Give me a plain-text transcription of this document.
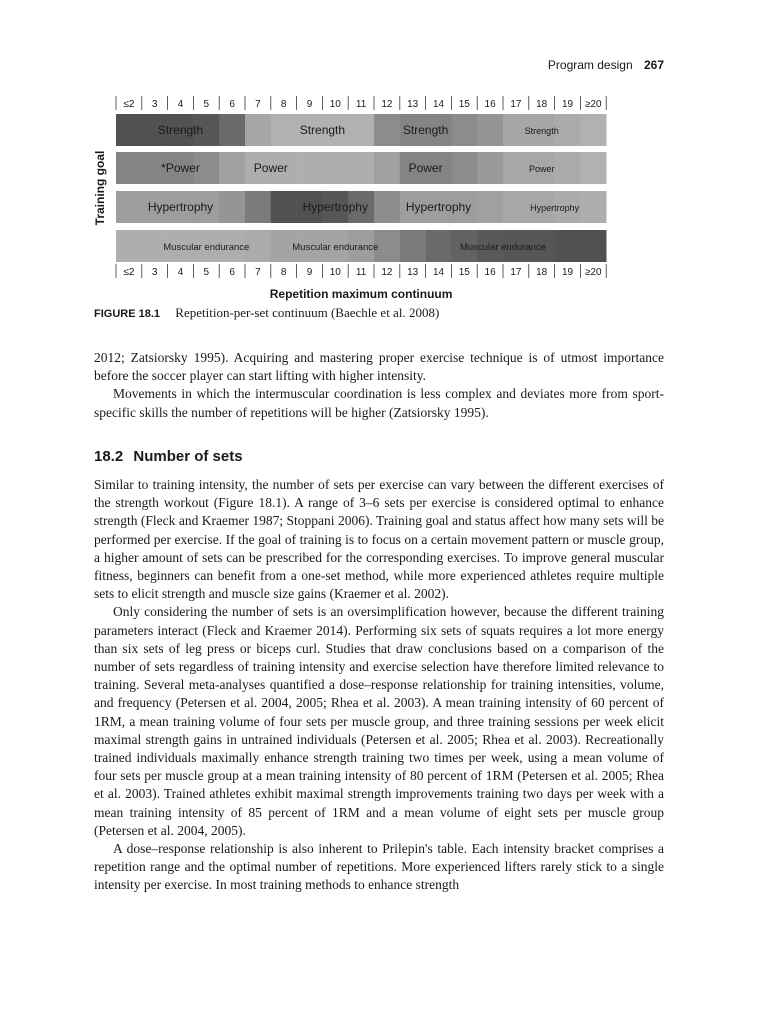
Program design 267
≤2 3 4 5 6 7 8 9 10 11 12 13 14 15 16 17 18 19 ≥20
≤2 3 4 5 6 7 8 9 10 11 12 13 14 15 16 17 18 19 ≥20
Strength	Strength	Strength	Strength
*Power	Power	Power	Power
Hypertrophy	Hypertrophy	Hypertrophy	Hypertrophy
Muscular endurance	Muscular endurance	Muscular endurance
Training goal
Repetition maximum continuum
FIGURE 18.1 Repetition-per-set continuum (Baechle et al. 2008)

2012; Zatsiorsky 1995). Acquiring and mastering proper exercise technique is of utmost importance before the soccer player can start lifting with higher intensity.

Movements in which the intermuscular coordination is less complex and deviates more from sport-specific skills the number of repetitions will be higher (Zatsiorsky 1995).

18.2 Number of sets

Similar to training intensity, the number of sets per exercise can vary between the different exercises of the strength workout (Figure 18.1). A range of 3–6 sets per exercise is considered optimal to enhance strength (Fleck and Kraemer 1987; Stoppani 2006). Training goal and status affect how many sets will be performed per exercise. If the goal of training is to focus on a certain movement pattern or muscle group, a higher amount of sets can be prescribed for the corresponding exercises. To improve general muscular fitness, beginners can benefit from a one-set method, while more experienced athletes require multiple sets to elicit strength and muscle size gains (Kraemer et al. 2002).

Only considering the number of sets is an oversimplification however, because the different training parameters interact (Fleck and Kraemer 2014). Performing six sets of squats requires a lot more energy than six sets of leg press or biceps curl. Studies that draw conclusions based on a comparison of the number of sets regardless of training intensity and exercise selection have therefore limited relevance to training. Several meta-analyses quantified a dose–response relationship for training intensities, volume, and frequency (Petersen et al. 2004, 2005; Rhea et al. 2003). A mean training intensity of 60 percent of 1RM, a mean training volume of four sets per muscle group, and three training sessions per week elicit maximal strength gains in untrained individuals (Petersen et al. 2005; Rhea et al. 2003). Recreationally trained individuals maximally enhance strength training two times per week, using a mean volume of four sets per muscle group at a mean training intensity of 80 percent of 1RM (Petersen et al. 2005; Rhea et al. 2003). Trained athletes exhibit maximal strength improvements training two days per week with a mean training intensity of 85 percent of 1RM and a mean volume of eight sets per muscle group (Petersen et al. 2004, 2005).

A dose–response relationship is also inherent to Prilepin's table. Each intensity bracket comprises a repetition range and the optimal number of repetitions. More experienced lifters rarely stick to a single intensity per exercise. In most training methods to enhance strength
